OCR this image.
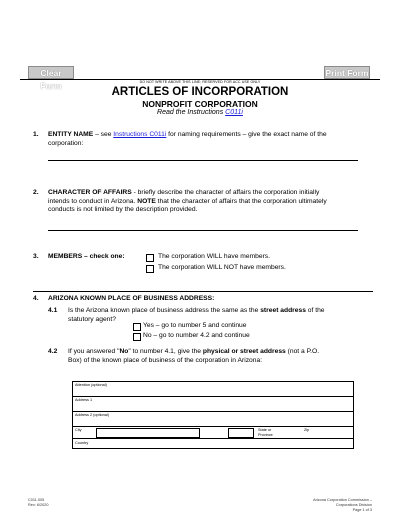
Clear Form
Print Form
DO NOT WRITE ABOVE THIS LINE; RESERVED FOR ACC USE ONLY
ARTICLES OF INCORPORATION
NONPROFIT CORPORATION
Read the Instructions C011i
1. ENTITY NAME – see Instructions C011i for naming requirements – give the exact name of the
corporation:
2. CHARACTER OF AFFAIRS - briefly describe the character of affairs the corporation initially
intends to conduct in Arizona. NOTE that the character of affairs that the corporation ultimately
conducts is not limited by the description provided.
3. MEMBERS – check one:	The corporation WILL have members.
The corporation WILL NOT have members.
4. ARIZONA KNOWN PLACE OF BUSINESS ADDRESS:
4.1 Is the Arizona known place of business address the same as the street address of the
statutory agent?
Yes – go to number 5 and continue
No – go to number 4.2 and continue
4.2 If you answered "No" to number 4.1, give the physical or street address (not a P.O.
Box) of the known place of business of the corporation in Arizona:
Attention (optional)
Address 1
Address 2 (optional)
City	State or
Province
Zip
Country
C011.005
Rev: 6/2020
Arizona Corporation Commission – Corporations Division
Page 1 of 3
